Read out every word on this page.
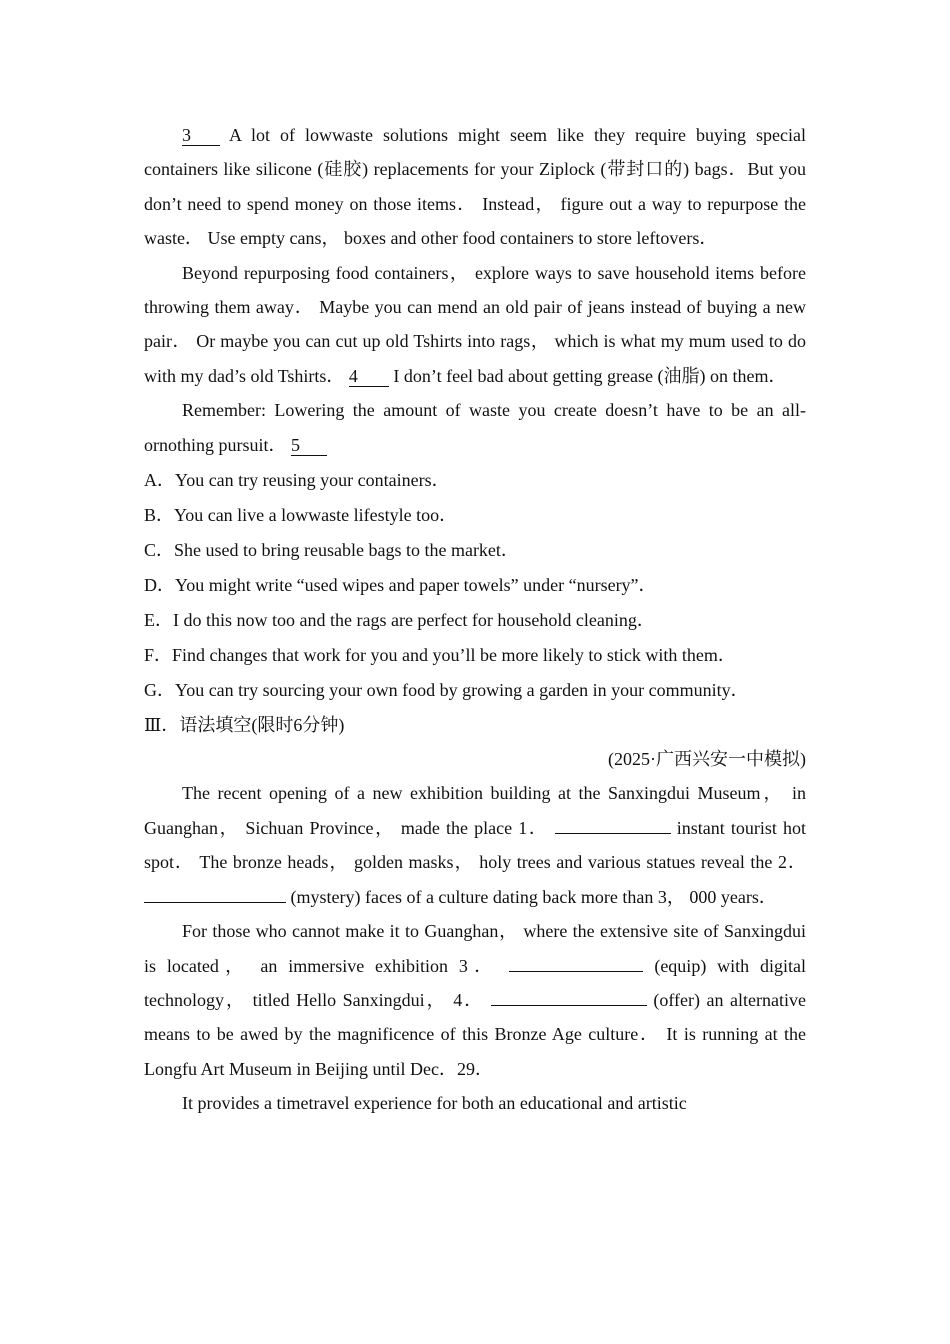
3 A lot of lowwaste solutions might seem like they require buying special containers like silicone (硅胶) replacements for your Ziplock (带封口的) bags．But you don’t need to spend money on those items． Instead， figure out a way to repurpose the waste． Use empty cans， boxes and other food containers to store leftovers．

Beyond repurposing food containers， explore ways to save household items before throwing them away． Maybe you can mend an old pair of jeans instead of buying a new pair． Or maybe you can cut up old Tshirts into rags， which is what my mum used to do with my dad’s old Tshirts． 4 I don’t feel bad about getting grease (油脂) on them．

Remember: Lowering the amount of waste you create doesn’t have to be an all-ornothing pursuit． 5

A．You can try reusing your containers．

B．You can live a lowwaste lifestyle too．

C．She used to bring reusable bags to the market．

D．You might write “used wipes and paper towels” under “nursery”．

E．I do this now too and the rags are perfect for household cleaning．

F．Find changes that work for you and you’ll be more likely to stick with them．

G．You can try sourcing your own food by growing a garden in your community．

Ⅲ．语法填空(限时6分钟)

(2025·广西兴安一中模拟)

The recent opening of a new exhibition building at the Sanxingdui Museum， in Guanghan， Sichuan Province， made the place 1．	instant tourist hot spot． The bronze heads， golden masks， holy trees and various statues reveal the 2．  (mystery) faces of a culture dating back more than 3， 000 years．

For those who cannot make it to Guanghan， where the extensive site of Sanxingdui is located， an immersive exhibition 3．	(equip) with digital technology， titled Hello Sanxingdui， 4．	(offer) an alternative means to be awed by the magnificence of this Bronze Age culture． It is running at the Longfu Art Museum in Beijing until Dec．29．

It provides a timetravel experience for both an educational and artistic
